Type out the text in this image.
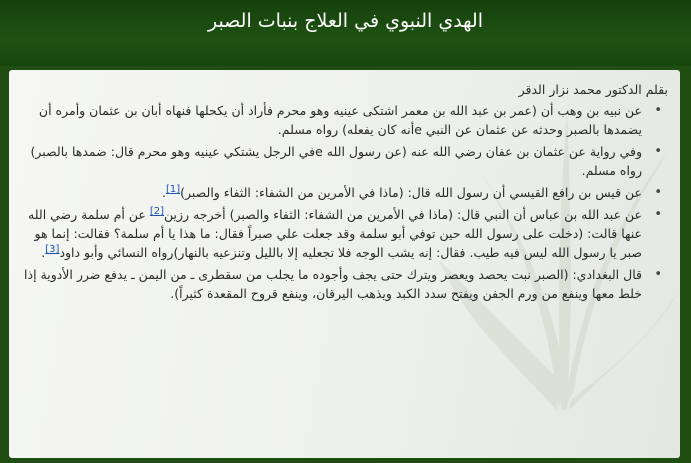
الهدي النبوي في العلاج بنبات الصبر
بقلم الدكتور محمد نزار الدقر
• عن نبيه بن وهب أن (عمر بن عبد الله بن معمر اشتكى عينيه وهو محرم فأراد أن يكحلها فنهاه أبان بن عثمان وأمره أن يضمدها بالصبر وحدثه عن عثمان عن النبي eأنه كان يفعله) رواه مسلم.
• وفي رواية عن عثمان بن عفان رضي الله عنه (عن رسول الله eفي الرجل يشتكي عينيه وهو محرم قال: ضمدها بالصبر) رواه مسلم.
• عن قيس بن رافع القيسي أن رسول الله قال: (ماذا في الأمرين من الشفاء: الثفاء والصبر)[1].
• عن عبد الله بن عباس أن النبي قال: (ماذا في الأمرين من الشفاء: الثفاء والصبر) أخرجه رزين[2] عن أم سلمة رضي الله عنها قالت: (دخلت على رسول الله حين توفي أبو سلمة وقد جعلت علي صبراً فقال: ما هذا يا أم سلمة؟ فقالت: إنما هو صبر يا رسول الله ليس فيه طيب. فقال: إنه يشب الوجه فلا تجعليه إلا بالليل وتنزعيه بالنهار)رواه النسائي وأبو داود[3].
• قال البغدادي: (الصبر نبت يحصد ويعصر ويترك حتى يجف وأجوده ما يجلب من سقطرى ـ من اليمن ـ يدفع ضرر الأدوية إذا خلط معها وينفع من ورم الجفن ويفتح سدد الكبد ويذهب اليرقان، وينفع قروح المقعدة كثيراً).
